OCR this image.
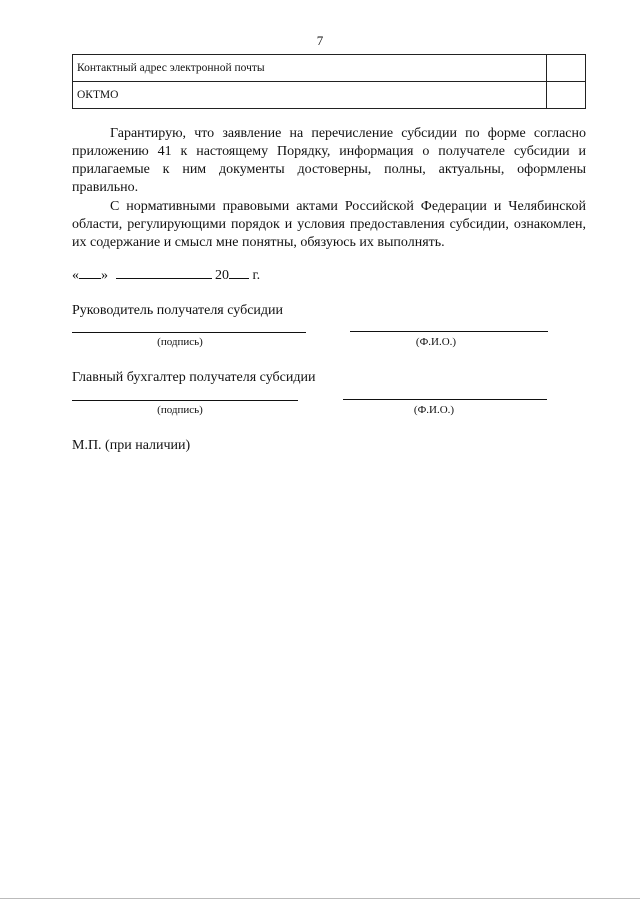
7
Контактный адрес электронной почты	
ОКТМО	

Гарантирую, что заявление на перечисление субсидии по форме согласно приложению 41 к настоящему Порядку, информация о получателе субсидии и прилагаемые к ним документы достоверны, полны, актуальны, оформлены правильно.

С нормативными правовыми актами Российской Федерации и Челябинской области, регулирующими порядок и условия предоставления субсидии, ознакомлен, их содержание и смысл мне понятны, обязуюсь их выполнять.

« »	20 г.
Руководитель получателя субсидии
(подпись)	(Ф.И.О.)
Главный бухгалтер получателя субсидии
(подпись)	(Ф.И.О.)
М.П. (при наличии)
